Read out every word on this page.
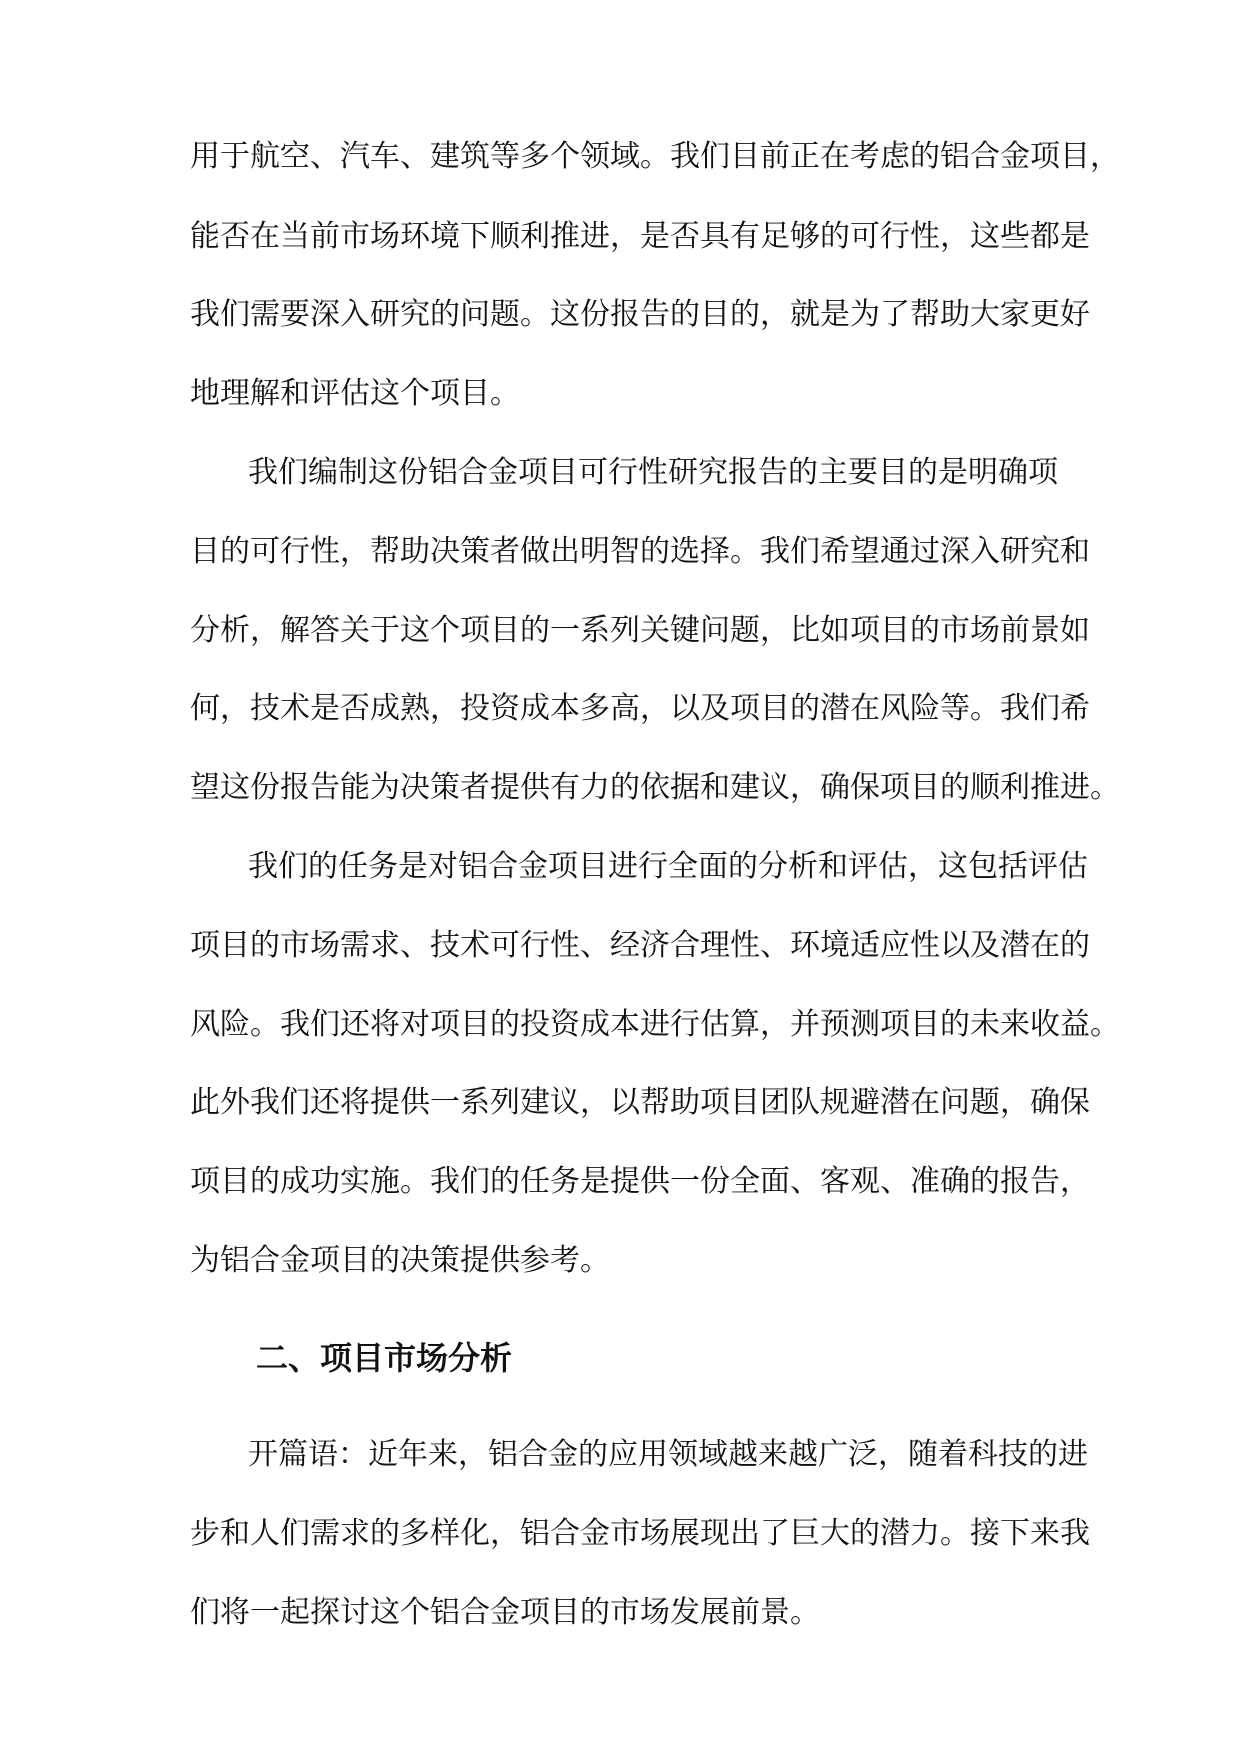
用于航空、汽车、建筑等多个领域。我们目前正在考虑的铝合金项目，
能否在当前市场环境下顺利推进，是否具有足够的可行性，这些都是
我们需要深入研究的问题。这份报告的目的，就是为了帮助大家更好
地理解和评估这个项目。
我们编制这份铝合金项目可行性研究报告的主要目的是明确项
目的可行性，帮助决策者做出明智的选择。我们希望通过深入研究和
分析，解答关于这个项目的一系列关键问题，比如项目的市场前景如
何，技术是否成熟，投资成本多高，以及项目的潜在风险等。我们希
望这份报告能为决策者提供有力的依据和建议，确保项目的顺利推进。
我们的任务是对铝合金项目进行全面的分析和评估，这包括评估
项目的市场需求、技术可行性、经济合理性、环境适应性以及潜在的
风险。我们还将对项目的投资成本进行估算，并预测项目的未来收益。
此外我们还将提供一系列建议，以帮助项目团队规避潜在问题，确保
项目的成功实施。我们的任务是提供一份全面、客观、准确的报告，
为铝合金项目的决策提供参考。
二、项目市场分析
开篇语：近年来，铝合金的应用领域越来越广泛，随着科技的进
步和人们需求的多样化，铝合金市场展现出了巨大的潜力。接下来我
们将一起探讨这个铝合金项目的市场发展前景。
